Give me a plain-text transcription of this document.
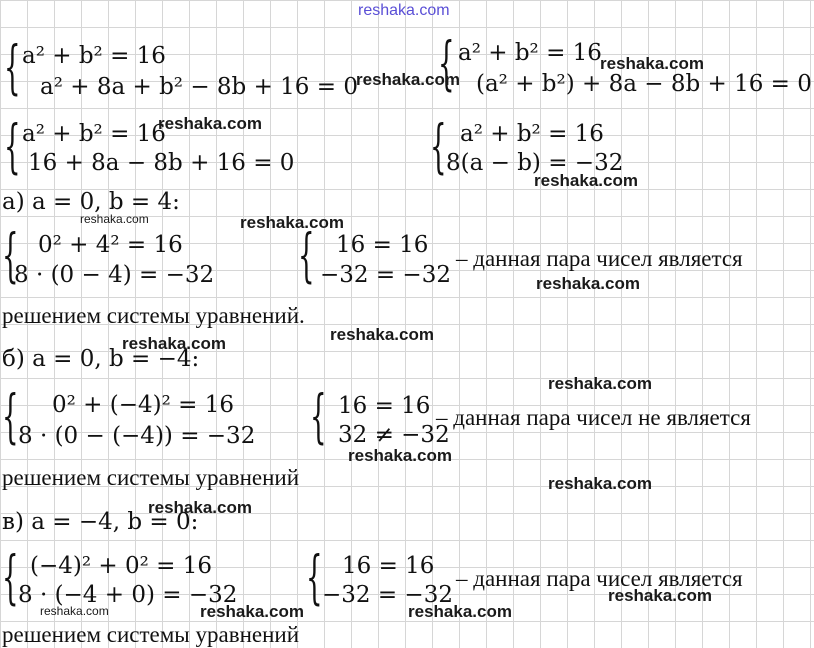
reshaka.com
{ a² + b² = 16
a² + 8a + b² − 8b + 16 = 0 { a² + b² = 16
(a² + b²) + 8a − 8b + 16 = 0
{ a² + b² = 16
16 + 8a − 8b + 16 = 0 { a² + b² = 16
8(a − b) = −32
а) a = 0, b = 4:
{ 0² + 4² = 16
8 · (0 − 4) = −32 { 16 = 16
−32 = −32
– данная пара чисел является
решением системы уравнений.
б) a = 0, b = −4:
{ 0² + (−4)² = 16
8 · (0 − (−4)) = −32 { 16 = 16
32 ≠ −32
– данная пара чисел не является
решением системы уравнений
в) a = −4, b = 0:
{ (−4)² + 0² = 16
8 · (−4 + 0) = −32 { 16 = 16
−32 = −32
– данная пара чисел является
решением системы уравнений
reshaka.com
reshaka.com
reshaka.com
reshaka.com
reshaka.com	reshaka.com
reshaka.com
reshaka.com
reshaka.com
reshaka.com
reshaka.com
reshaka.com
reshaka.com
reshaka.com	reshaka.com	reshaka.com
reshaka.com
